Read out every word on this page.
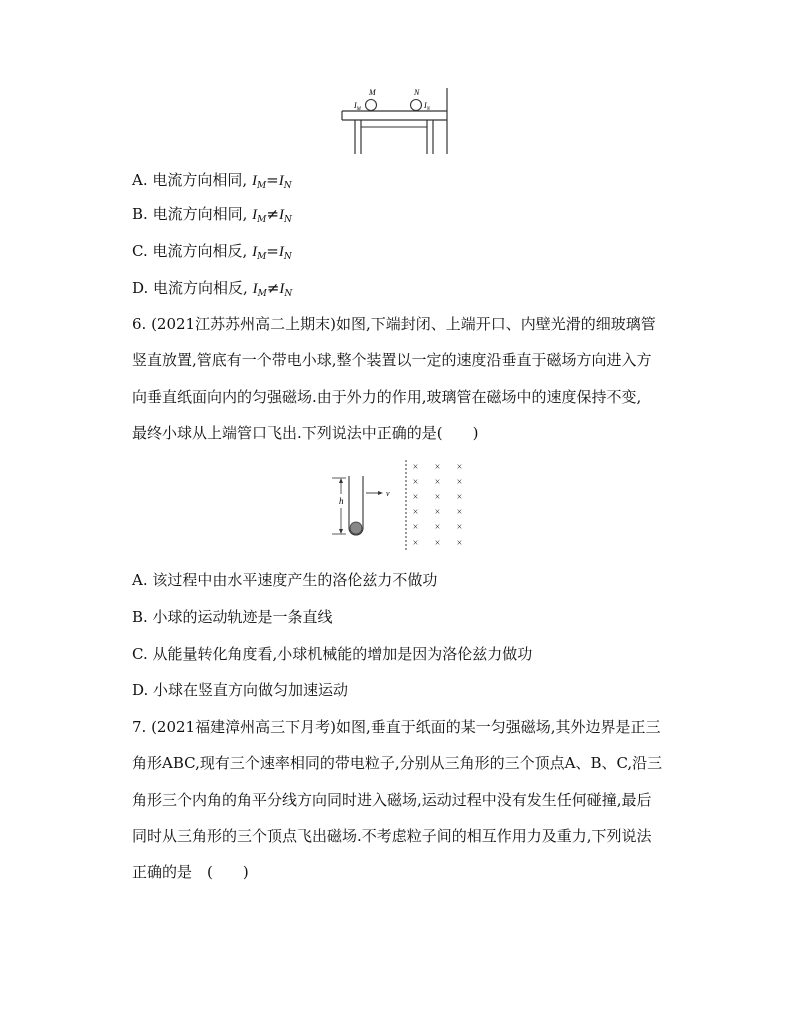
M	N
$I_M$	$I_N$
A. 电流方向相同, $I_M=I_N$
B. 电流方向相同, $I_M\ne I_N$
C. 电流方向相反, $I_M=I_N$
D. 电流方向相反, $I_M\ne I_N$
6. (2021江苏苏州高二上期末)如图,下端封闭、上端开口、内壁光滑的细玻璃管
竖直放置,管底有一个带电小球,整个装置以一定的速度沿垂直于磁场方向进入方
向垂直纸面向内的匀强磁场.由于外力的作用,玻璃管在磁场中的速度保持不变,
最终小球从上端管口飞出.下列说法中正确的是(　　)
h
v
× × ×
× × ×
× × ×
× × ×
× × ×
× × ×
A. 该过程中由水平速度产生的洛伦兹力不做功
B. 小球的运动轨迹是一条直线
C. 从能量转化角度看,小球机械能的增加是因为洛伦兹力做功
D. 小球在竖直方向做匀加速运动
7. (2021福建漳州高三下月考)如图,垂直于纸面的某一匀强磁场,其外边界是正三
角形ABC,现有三个速率相同的带电粒子,分别从三角形的三个顶点A、B、C,沿三
角形三个内角的角平分线方向同时进入磁场,运动过程中没有发生任何碰撞,最后
同时从三角形的三个顶点飞出磁场.不考虑粒子间的相互作用力及重力,下列说法
正确的是　(　　)
